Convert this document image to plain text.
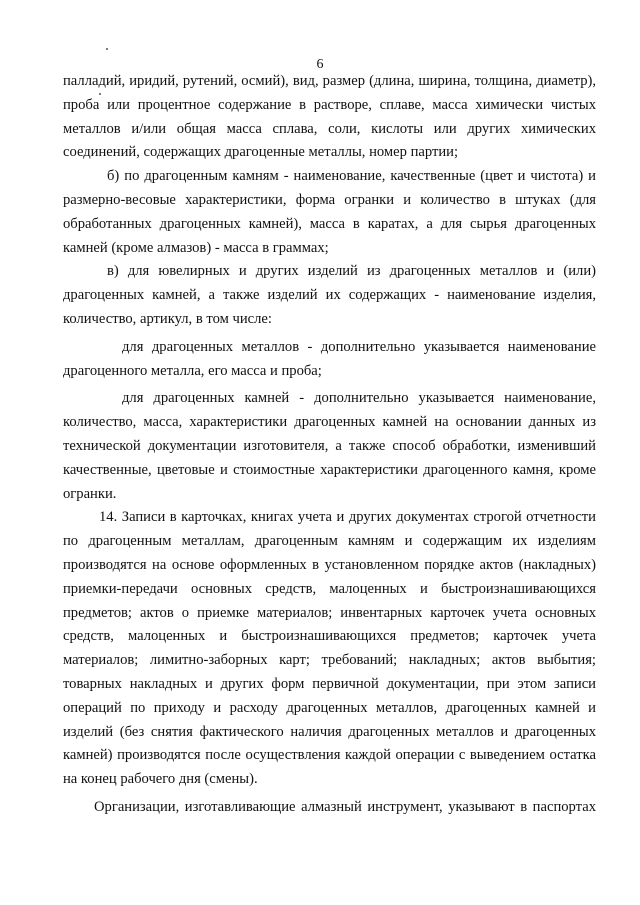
6
палладий, иридий, рутений, осмий), вид, размер (длина, ширина, толщина, диаметр),
проба или процентное содержание в растворе, сплаве, масса химически чистых
металлов и/или общая масса сплава, соли, кислоты или других химических
соединений, содержащих драгоценные металлы, номер партии;
б) по драгоценным камням - наименование, качественные (цвет и чистота) и
размерно-весовые характеристики, форма огранки и количество в штуках (для
обработанных драгоценных камней), масса в каратах, а для сырья драгоценных
камней (кроме алмазов) - масса в граммах;
в) для ювелирных и других изделий из драгоценных металлов и (или)
драгоценных камней, а также изделий их содержащих - наименование изделия,
количество, артикул, в том числе:
для драгоценных металлов - дополнительно указывается наименование
драгоценного металла, его масса и проба;
для драгоценных камней - дополнительно указывается наименование,
количество, масса, характеристики драгоценных камней на основании данных из
технической документации изготовителя, а также способ обработки, изменивший
качественные, цветовые и стоимостные характеристики драгоценного камня, кроме
огранки.
14. Записи в карточках, книгах учета и других документах строгой отчетности
по драгоценным металлам, драгоценным камням и содержащим их изделиям
производятся на основе оформленных в установленном порядке актов (накладных)
приемки-передачи основных средств, малоценных и быстроизнашивающихся
предметов; актов о приемке материалов; инвентарных карточек учета основных
средств, малоценных и быстроизнашивающихся предметов; карточек учета
материалов; лимитно-заборных карт; требований; накладных; актов выбытия;
товарных накладных и других форм первичной документации, при этом записи
операций по приходу и расходу драгоценных металлов, драгоценных камней и
изделий (без снятия фактического наличия драгоценных металлов и драгоценных
камней) производятся после осуществления каждой операции с выведением остатка
на конец рабочего дня (смены).
Организации, изготавливающие алмазный инструмент, указывают в паспортах
